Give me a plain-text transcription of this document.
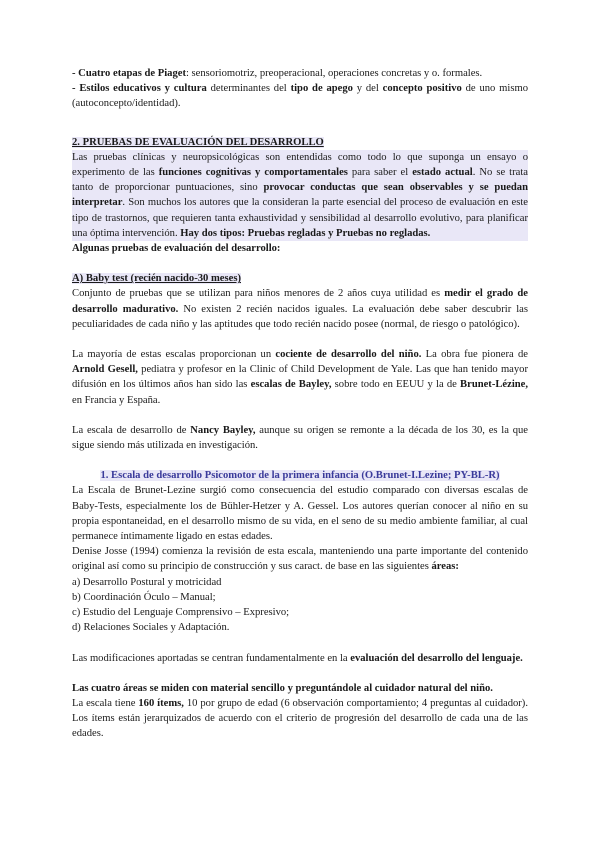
- Cuatro etapas de Piaget: sensoriomotriz, preoperacional, operaciones concretas y o. formales.

- Estilos educativos y cultura determinantes del tipo de apego y del concepto positivo de uno mismo (autoconcepto/identidad).

2. PRUEBAS DE EVALUACIÓN DEL DESARROLLO

Las pruebas clínicas y neuropsicológicas son entendidas como todo lo que suponga un ensayo o experimento de las funciones cognitivas y comportamentales para saber el estado actual. No se trata tanto de proporcionar puntuaciones, sino provocar conductas que sean observables y se puedan interpretar. Son muchos los autores que la consideran la parte esencial del proceso de evaluación en este tipo de trastornos, que requieren tanta exhaustividad y sensibilidad al desarrollo evolutivo, para planificar una óptima intervención. Hay dos tipos: Pruebas regladas y Pruebas no regladas.

Algunas pruebas de evaluación del desarrollo:

A) Baby test (recién nacido-30 meses)

Conjunto de pruebas que se utilizan para niños menores de 2 años cuya utilidad es medir el grado de desarrollo madurativo. No existen 2 recién nacidos iguales. La evaluación debe saber descubrir las peculiaridades de cada niño y las aptitudes que todo recién nacido posee (normal, de riesgo o patológico).

La mayoría de estas escalas proporcionan un cociente de desarrollo del niño. La obra fue pionera de Arnold Gesell, pediatra y profesor en la Clinic of Child Development de Yale. Las que han tenido mayor difusión en los últimos años han sido las escalas de Bayley, sobre todo en EEUU y la de Brunet-Lézine, en Francia y España.

La escala de desarrollo de Nancy Bayley, aunque su origen se remonte a la década de los 30, es la que sigue siendo más utilizada en investigación.

1. Escala de desarrollo Psicomotor de la primera infancia (O.Brunet-I.Lezine; PY-BL-R)

La Escala de Brunet-Lezine surgió como consecuencia del estudio comparado con diversas escalas de Baby-Tests, especialmente los de Bühler-Hetzer y A. Gessel. Los autores querían conocer al niño en su propia espontaneidad, en el desarrollo mismo de su vida, en el seno de su medio ambiente familiar, al cual permanece íntimamente ligado en estas edades.

Denise Josse (1994) comienza la revisión de esta escala, manteniendo una parte importante del contenido original así como su principio de construcción y sus caract. de base en las siguientes áreas:

a) Desarrollo Postural y motricidad

b) Coordinación Óculo – Manual;

c) Estudio del Lenguaje Comprensivo – Expresivo;

d) Relaciones Sociales y Adaptación.

Las modificaciones aportadas se centran fundamentalmente en la evaluación del desarrollo del lenguaje.

Las cuatro áreas se miden con material sencillo y preguntándole al cuidador natural del niño.

La escala tiene 160 ítems, 10 por grupo de edad (6 observación comportamiento; 4 preguntas al cuidador). Los ítems están jerarquizados de acuerdo con el criterio de progresión del desarrollo de cada una de las edades.
